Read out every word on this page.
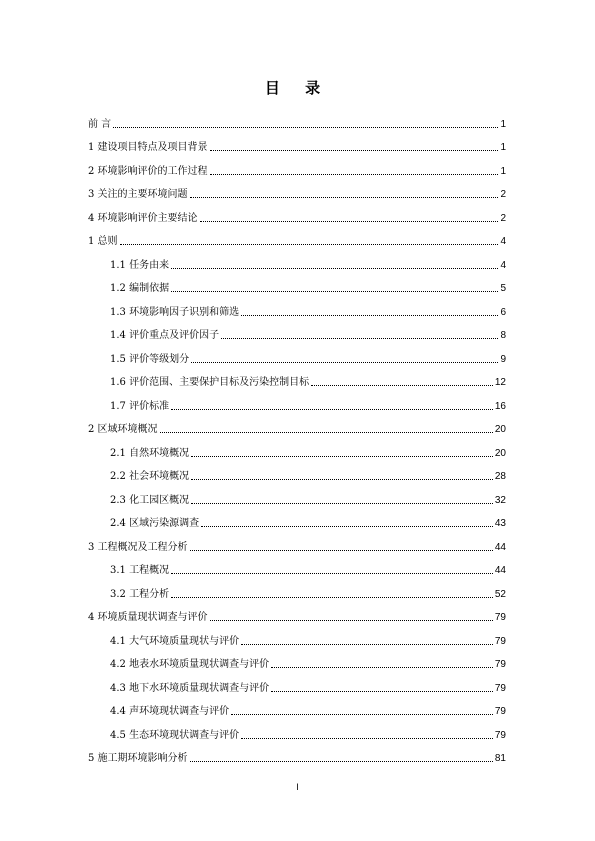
目 录
前 言	1
1 建设项目特点及项目背景	1
2 环境影响评价的工作过程	1
3 关注的主要环境问题	2
4 环境影响评价主要结论	2
1 总则	4
1.1 任务由来	4
1.2 编制依据	5
1.3 环境影响因子识别和筛选	6
1.4 评价重点及评价因子	8
1.5 评价等级划分	9
1.6 评价范围、主要保护目标及污染控制目标	12
1.7 评价标准	16
2 区域环境概况	20
2.1 自然环境概况	20
2.2 社会环境概况	28
2.3 化工园区概况	32
2.4 区域污染源调查	43
3 工程概况及工程分析	44
3.1 工程概况	44
3.2 工程分析	52
4 环境质量现状调查与评价	79
4.1 大气环境质量现状与评价	79
4.2 地表水环境质量现状调查与评价	79
4.3 地下水环境质量现状调查与评价	79
4.4 声环境现状调查与评价	79
4.5 生态环境现状调查与评价	79
5 施工期环境影响分析	81
I
